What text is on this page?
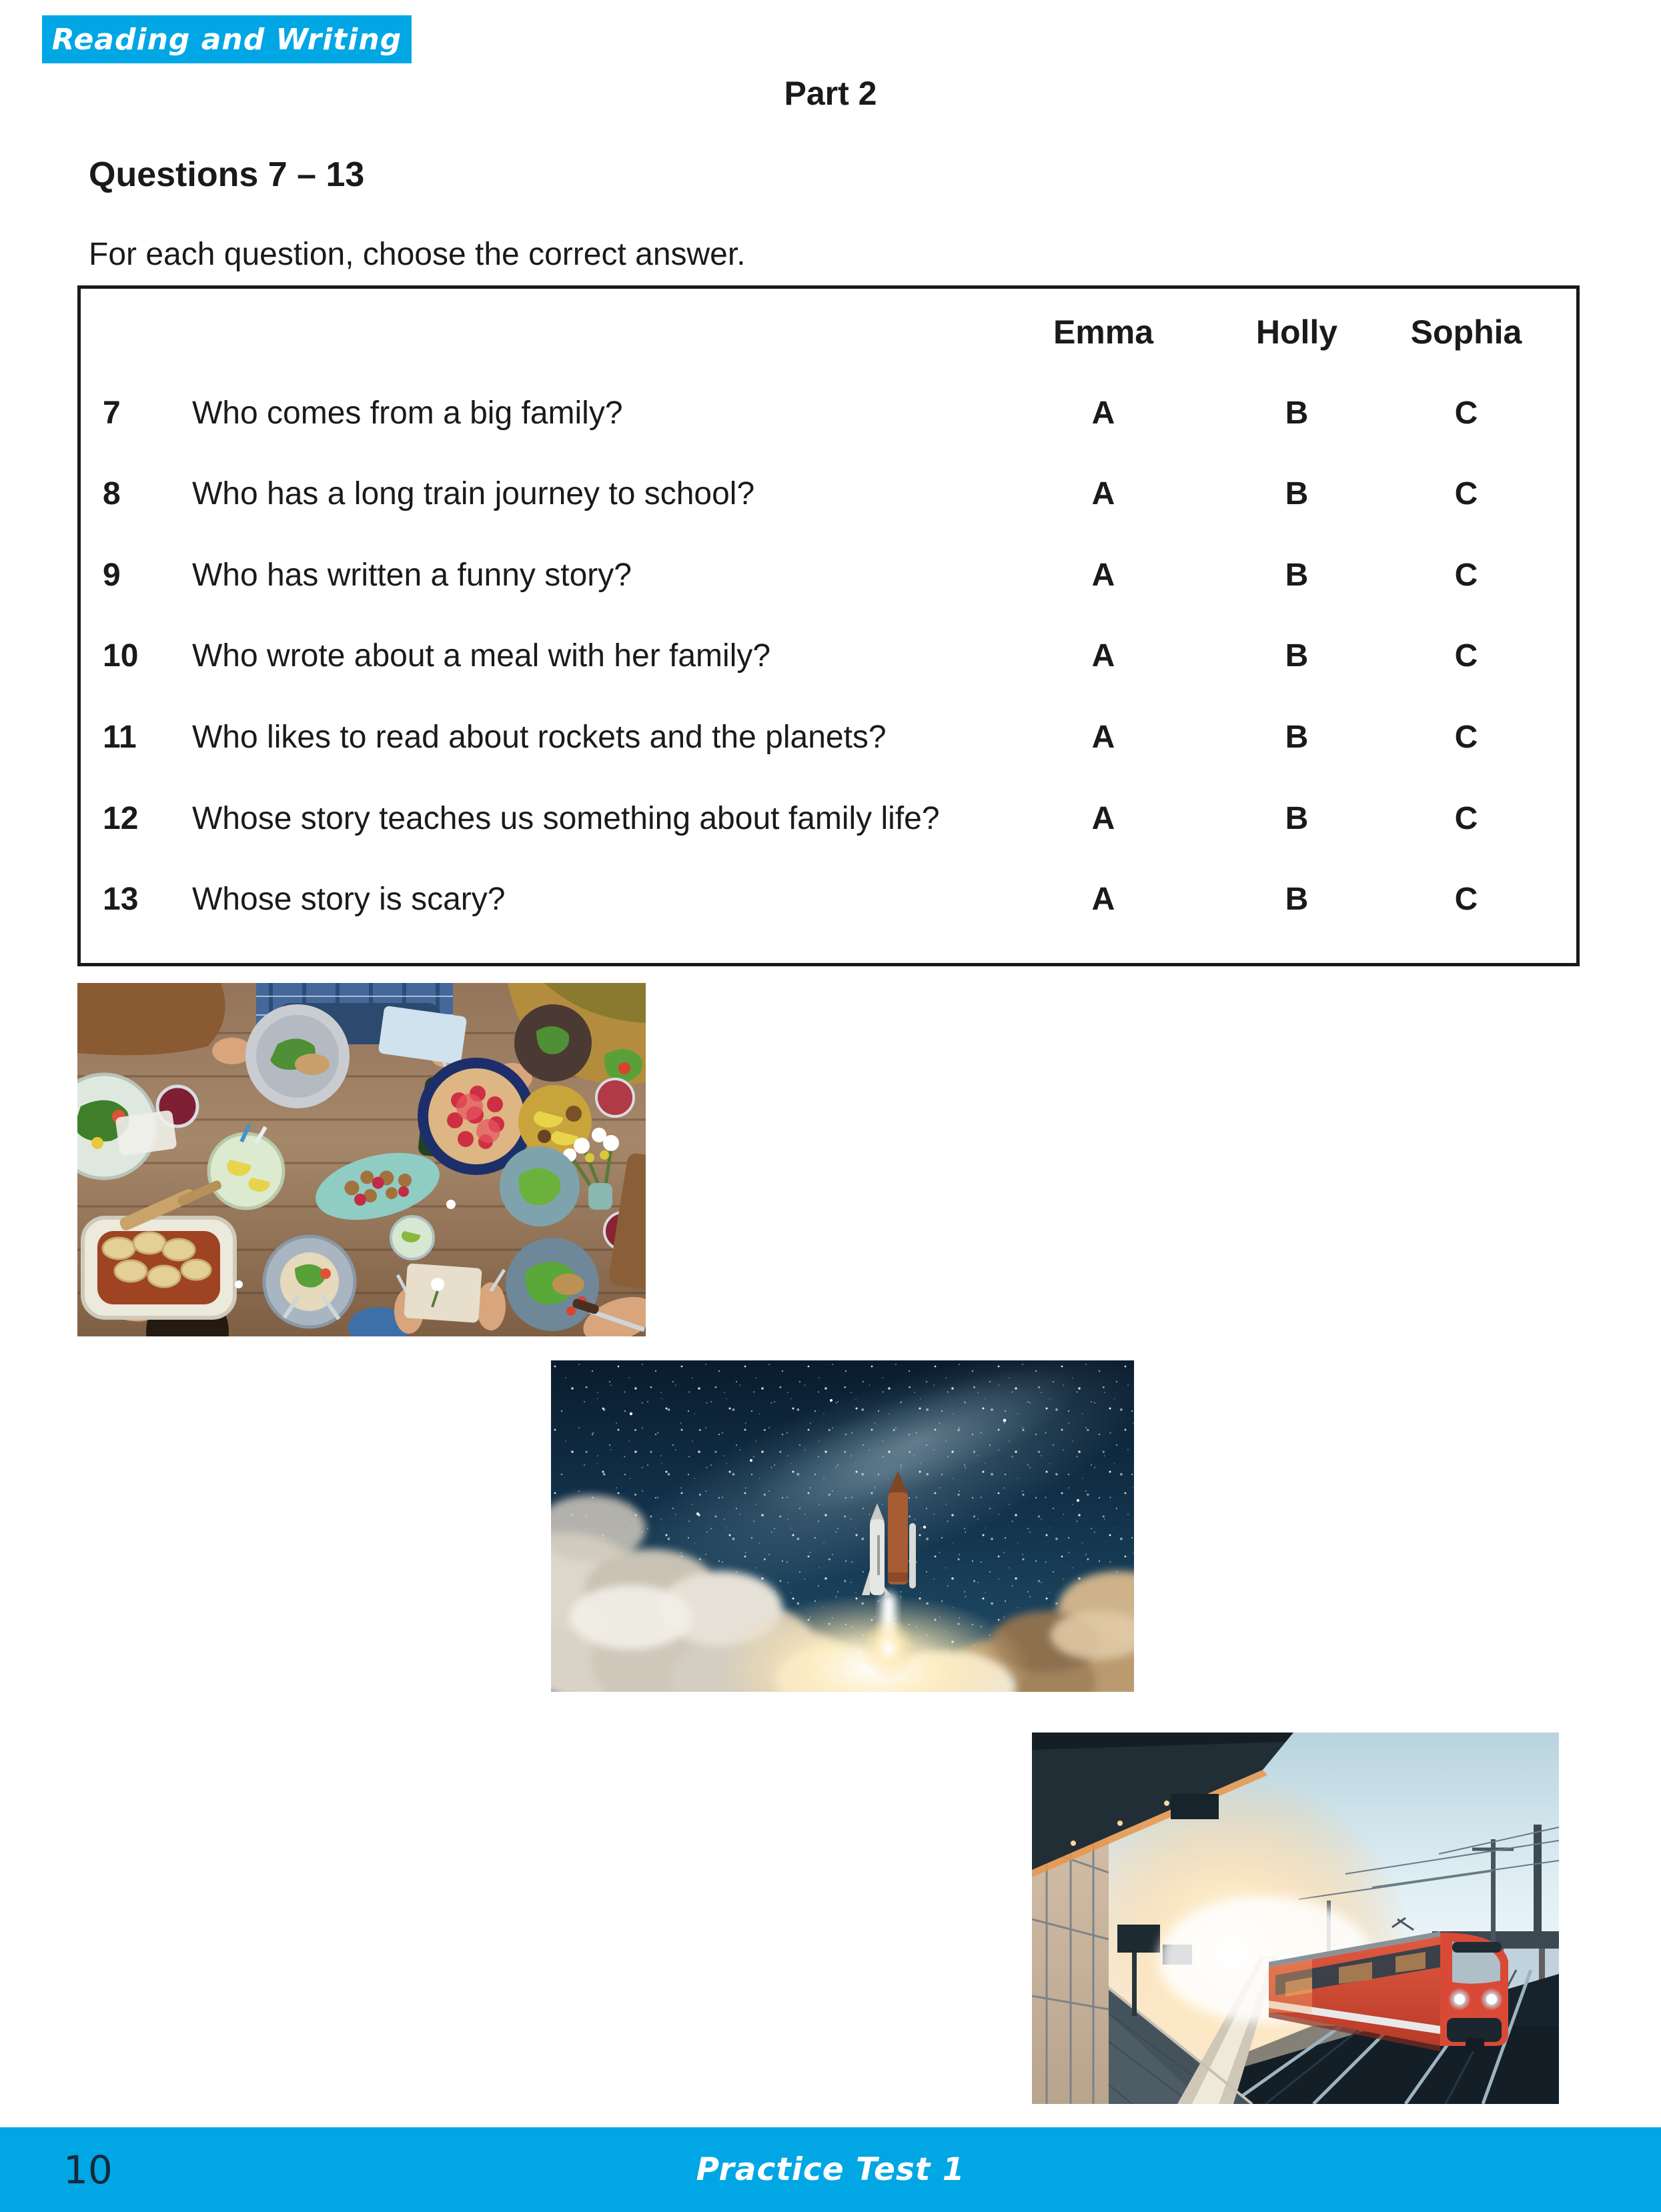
Reading and Writing
Part 2
Questions 7 – 13
For each question, choose the correct answer.
Emma	Holly	Sophia
7 Who comes from a big family?	A	B	C
8 Who has a long train journey to school?	A	B	C
9 Who has written a funny story?	A	B	C
10 Who wrote about a meal with her family?	A	B	C
11 Who likes to read about rockets and the planets?	A	B	C
12 Whose story teaches us something about family life?	A	B	C
13 Whose story is scary?	A	B	C
10	Practice Test 1
